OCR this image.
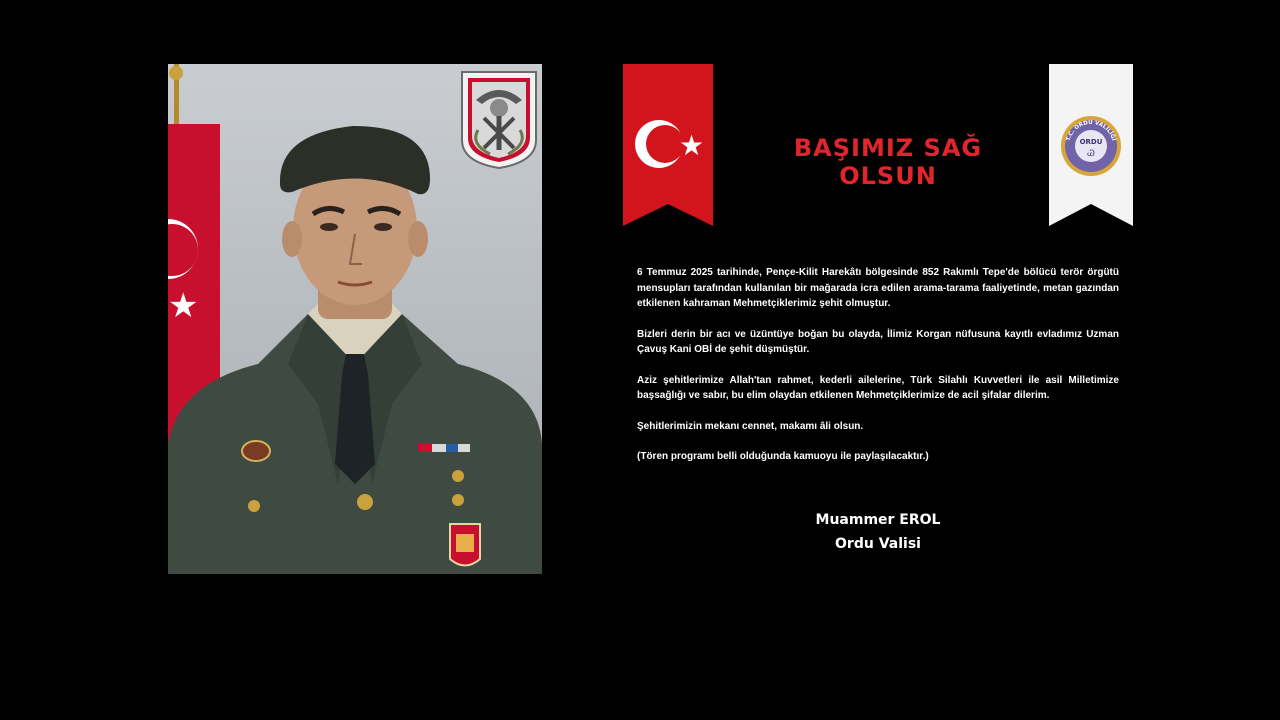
★
★	BAŞIMIZ SAĞ OLSUN
ORDU
Ꮚ
T.C. ORDU VALİLİĞİ

6 Temmuz 2025 tarihinde, Pençe-Kilit Harekâtı bölgesinde 852 Rakımlı Tepe'de bölücü terör örgütü mensupları tarafından kullanılan bir mağarada icra edilen arama-tarama faaliyetinde, metan gazından etkilenen kahraman Mehmetçiklerimiz şehit olmuştur.

Bizleri derin bir acı ve üzüntüye boğan bu olayda, İlimiz Korgan nüfusuna kayıtlı evladımız Uzman Çavuş Kani OBİ de şehit düşmüştür.

Aziz şehitlerimize Allah'tan rahmet, kederli ailelerine, Türk Silahlı Kuvvetleri ile asil Milletimize başsağlığı ve sabır, bu elim olaydan etkilenen Mehmetçiklerimize de acil şifalar dilerim.

Şehitlerimizin mekanı cennet, makamı âli olsun.

(Tören programı belli olduğunda kamuoyu ile paylaşılacaktır.)

Muammer EROL
Ordu Valisi
